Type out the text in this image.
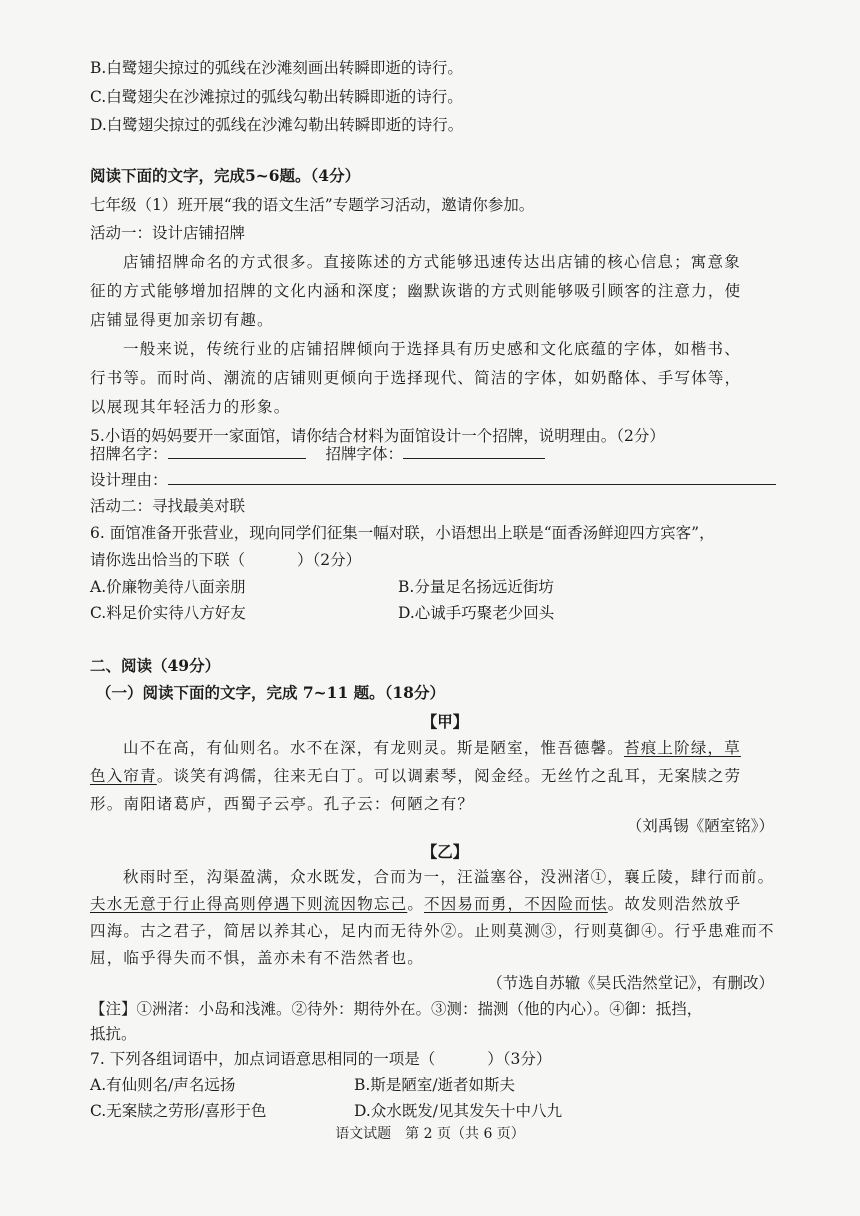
B.白鹭翅尖掠过的弧线在沙滩刻画出转瞬即逝的诗行。
C.白鹭翅尖在沙滩掠过的弧线勾勒出转瞬即逝的诗行。
D.白鹭翅尖掠过的弧线在沙滩勾勒出转瞬即逝的诗行。
阅读下面的文字，完成5~6题。（4分）
七年级（1）班开展“我的语文生活”专题学习活动，邀请你参加。
活动一：设计店铺招牌
店铺招牌命名的方式很多。直接陈述的方式能够迅速传达出店铺的核心信息；寓意象
征的方式能够增加招牌的文化内涵和深度；幽默诙谐的方式则能够吸引顾客的注意力，使
店铺显得更加亲切有趣。
一般来说，传统行业的店铺招牌倾向于选择具有历史感和文化底蕴的字体，如楷书、
行书等。而时尚、潮流的店铺则更倾向于选择现代、简洁的字体，如奶酪体、手写体等，
以展现其年轻活力的形象。
5.小语的妈妈要开一家面馆，请你结合材料为面馆设计一个招牌，说明理由。（2分）
招牌名字：	招牌字体：
设计理由：
活动二：寻找最美对联
6. 面馆准备开张营业，现向同学们征集一幅对联，小语想出上联是“面香汤鲜迎四方宾客”，
请你选出恰当的下联（	）（2分）
A.价廉物美待八面亲朋	B.分量足名扬远近街坊
C.料足价实待八方好友	D.心诚手巧聚老少回头
二、阅读（49分）
（一）阅读下面的文字，完成 7~11 题。（18分）
【甲】
山不在高，有仙则名。水不在深，有龙则灵。斯是陋室，惟吾德馨。苔痕上阶绿，草
色入帘青。谈笑有鸿儒，往来无白丁。可以调素琴，阅金经。无丝竹之乱耳，无案牍之劳
形。南阳诸葛庐，西蜀子云亭。孔子云：何陋之有？
（刘禹锡《陋室铭》）
【乙】
秋雨时至，沟渠盈满，众水既发，合而为一，汪溢塞谷，没洲渚①，襄丘陵，肆行而前。
夫水无意于行止得高则停遇下则流因物忘己。不因易而勇，不因险而怯。故发则浩然放乎
四海。古之君子，简居以养其心，足内而无待外②。止则莫测③，行则莫御④。行乎患难而不
屈，临乎得失而不惧，盖亦未有不浩然者也。
（节选自苏辙《吴氏浩然堂记》，有删改）
【注】①洲渚：小岛和浅滩。②待外：期待外在。③测：揣测（他的内心）。④御：抵挡，
抵抗。
7. 下列各组词语中，加点词语意思相同的一项是（	）（3分）
A.有仙则名/声名远扬	B.斯是陋室/逝者如斯夫
C.无案牍之劳形/喜形于色	D.众水既发/见其发矢十中八九
语文试题　第 2 页（共 6 页）
